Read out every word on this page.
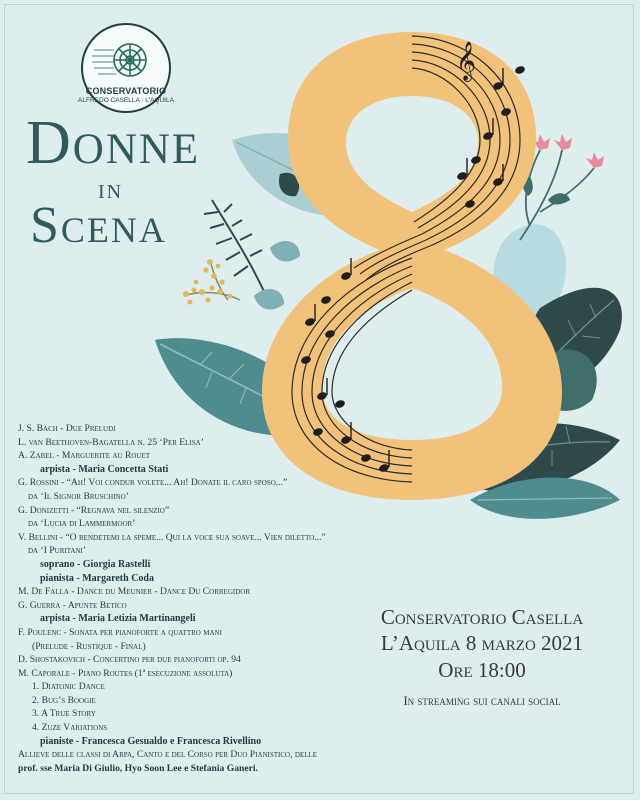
𝄞
CONSERVATORIO
ALFREDO CASELLA · L'AQUILA
Donne
in
Scena
J. S. Bach - Due Preludi
L. van Beethoven-Bagatella n. 25 ‘Per Elisa’
A. Zabel - Marguerite au Rouet
arpista - Maria Concetta Stati
G. Rossini - “Ah! Voi condur volete... Ah! Donate il caro sposo...”
da ‘Il Signor Bruschino’
G. Donizetti - “Regnava nel silenzio”
da ‘Lucia di Lammermoor’
V. Bellini - “O rendetemi la speme... Qui la voce sua soave... Vien diletto...”
da ‘I Puritani’
soprano - Giorgia Rastelli
pianista - Margareth Coda
M. De Falla - Dance du Meunier - Dance Du Corregidor
G. Guerra - Apunte Betico
arpista - Maria Letizia Martinangeli
F. Poulenc - Sonata per pianoforte a quattro mani
(Prelude - Rustique - Final)
D. Shostakovich - Concertino per due pianoforti op. 94
M. Caporale - Piano Routes (1ª esecuzione assoluta)
1. Diatonic Dance
2. Bug’s Boogie
3. A True Story
4. Zuze Variations
pianiste - Francesca Gesualdo e Francesca Rivellino
Allieve delle classi di Arpa, Canto e del Corso per Duo Pianistico, delle
prof. sse Maria Di Giulio, Hyo Soon Lee e Stefania Ganeri.
Conservatorio Casella
L’Aquila 8 marzo 2021
Ore 18:00
In streaming sui canali social
